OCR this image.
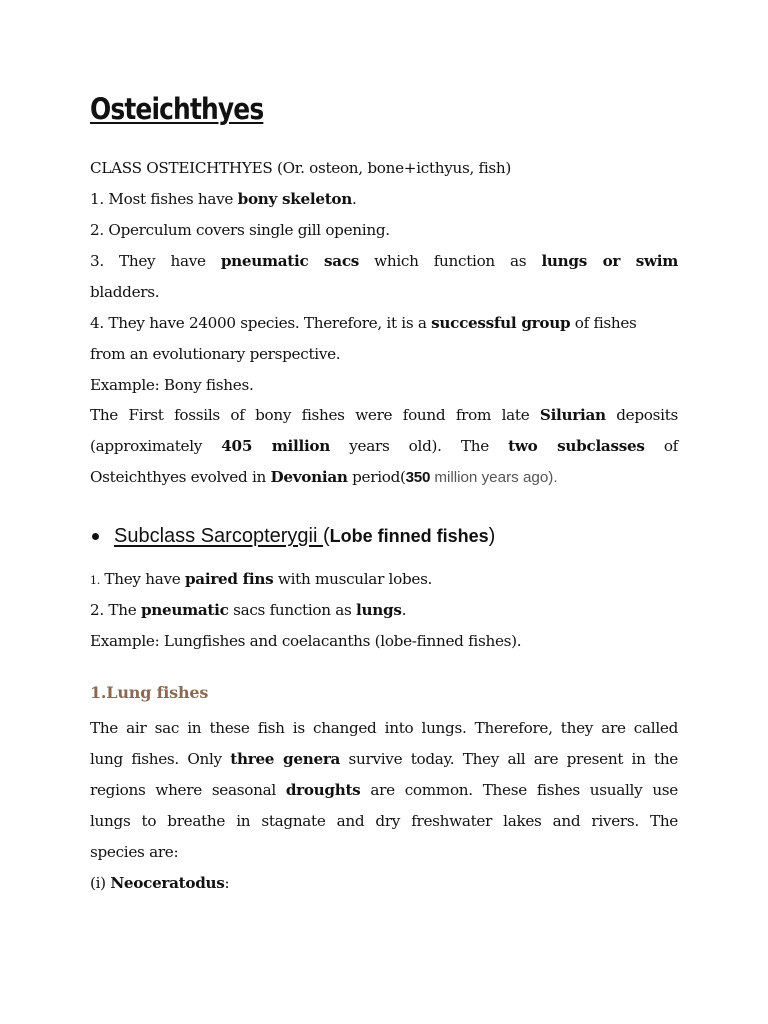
Osteichthyes
CLASS OSTEICHTHYES (Or. osteon, bone+icthyus, fish)
1. Most fishes have bony skeleton.
2. Operculum covers single gill opening.
3. They have pneumatic sacs which function as lungs or swim
bladders.
4. They have 24000 species. Therefore, it is a successful group of fishes
from an evolutionary perspective.
Example: Bony fishes.
The First fossils of bony fishes were found from late Silurian deposits
(approximately 405 million years old). The two subclasses of
Osteichthyes evolved in Devonian period(350 million years ago).
Subclass Sarcopterygii (Lobe finned fishes)
1. They have paired fins with muscular lobes.
2. The pneumatic sacs function as lungs.
Example: Lungfishes and coelacanths (lobe-finned fishes).
1.Lung fishes
The air sac in these fish is changed into lungs. Therefore, they are called
lung fishes. Only three genera survive today. They all are present in the
regions where seasonal droughts are common. These fishes usually use
lungs to breathe in stagnate and dry freshwater lakes and rivers. The
species are:
(i) Neoceratodus:
